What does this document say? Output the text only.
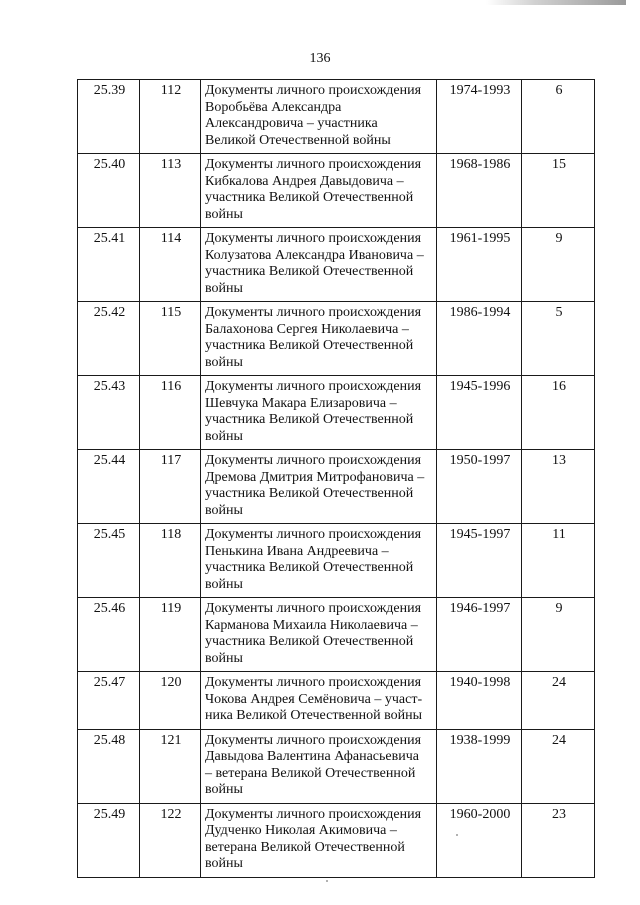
136
25.39	112	Документы личного происхождения
Воробьёва Александра
Александровича – участника
Великой Отечественной войны	1974-1993	6
25.40	113	Документы личного происхождения
Кибкалова Андрея Давыдовича –
участника Великой Отечественной
войны	1968-1986	15
25.41	114	Документы личного происхождения
Колузатова Александра Ивановича –
участника Великой Отечественной
войны	1961-1995	9
25.42	115	Документы личного происхождения
Балахонова Сергея Николаевича –
участника Великой Отечественной
войны	1986-1994	5
25.43	116	Документы личного происхождения
Шевчука Макара Елизаровича –
участника Великой Отечественной
войны	1945-1996	16
25.44	117	Документы личного происхождения
Дремова Дмитрия Митрофановича –
участника Великой Отечественной
войны	1950-1997	13
25.45	118	Документы личного происхождения
Пенькина Ивана Андреевича –
участника Великой Отечественной
войны	1945-1997	11
25.46	119	Документы личного происхождения
Карманова Михаила Николаевича –
участника Великой Отечественной
войны	1946-1997	9
25.47	120	Документы личного происхождения
Чокова Андрея Семёновича – участ-
ника Великой Отечественной войны	1940-1998	24
25.48	121	Документы личного происхождения
Давыдова Валентина Афанасьевича
– ветерана Великой Отечественной
войны	1938-1999	24
25.49	122	Документы личного происхождения
Дудченко Николая Акимовича –
ветерана Великой Отечественной
войны	1960-2000	23
